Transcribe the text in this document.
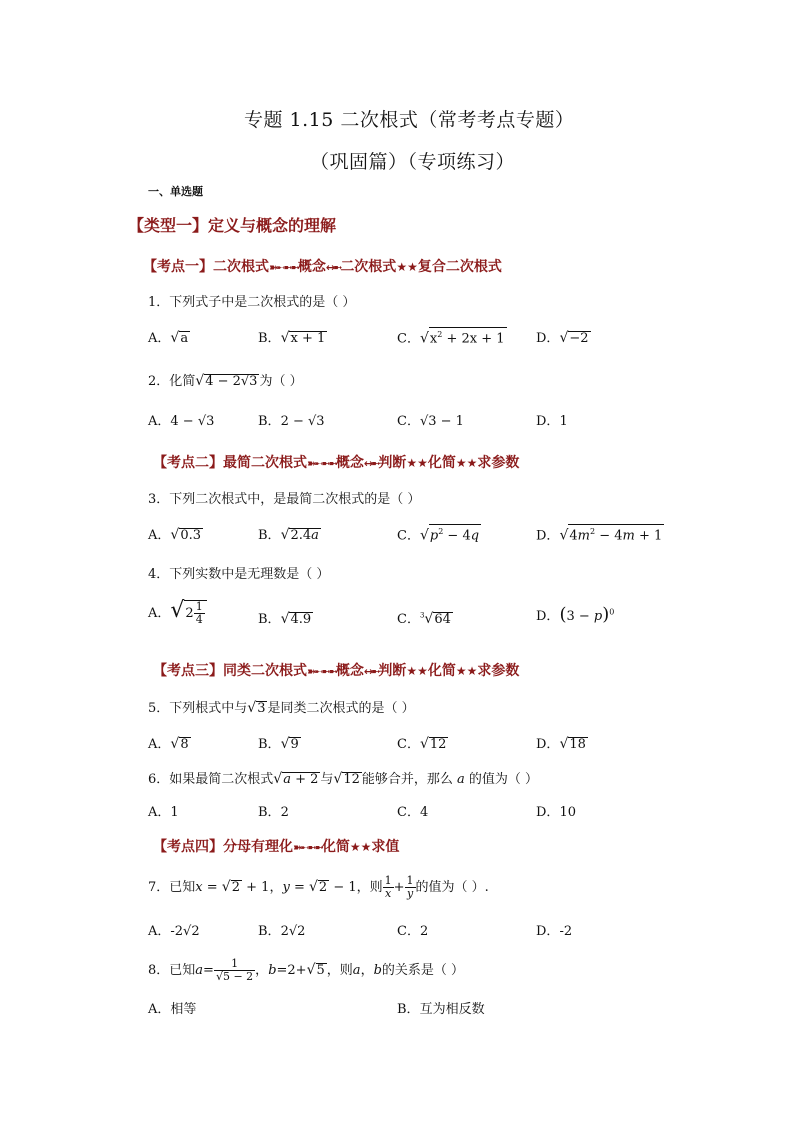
专题 1.15 二次根式（常考考点专题）
（巩固篇）（专项练习）
一、单选题
【类型一】定义与概念的理解
【考点一】二次根式➽➸➼➼概念↔➼二次根式★★复合二次根式
1．下列式子中是二次根式的是（ ）
A．√a	B．√x + 1	C．$√x^2 + 2x + 1$ D．√−2
2．化简√4 − 2√3 为（ ）
A．4 − √3	B．2 − √3	C．√3 − 1	D．1
【考点二】最简二次根式➽➸➼➼概念↔➼判断★★化简★★求参数
3．下列二次根式中，是最简二次根式的是（ ）
A．√0.3	B．√2.4a	C．$√p^2 - 4q$	D．$√4m^2 - 4m + 1$
4．下列实数中是无理数是（ ）
A．$√2 \frac{1}{4}$	B．√4.9	C．$^3$√64	D．$(3 - p)^0$
【考点三】同类二次根式➽➸➼➼概念↔➼判断★★化简★★求参数
5．下列根式中与√3 是同类二次根式的是（ ）
A．√8	B．√9	C．√12	D．√18
6．如果最简二次根式√a + 2 与√12 能够合并，那么 a 的值为（ ）
A．1	B．2	C．4	D．10
【考点四】分母有理化➽➸➼➼化简★★求值
7．已知x = √2 + 1，y = √2 − 1，则 $\frac{1}{x} + \frac{1}{y}$ 的值为（ ）.
A．-2√2	B．2√2	C．2	D．-2
8．已知$a= \frac{1}{√5 - 2}$ ，b=2+√5 ，则a，b的关系是（ ）
A．相等	B．互为相反数
